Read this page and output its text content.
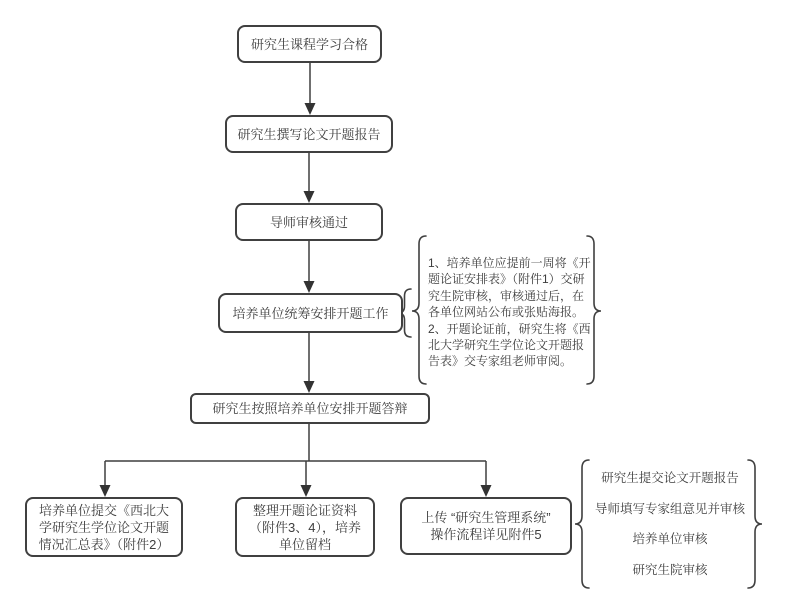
研究生课程学习合格
研究生撰写论文开题报告
导师审核通过
培养单位统筹安排开题工作
研究生按照培养单位安排开题答辩
培养单位提交《西北大
学研究生学位论文开题
情况汇总表》（附件2）
整理开题论证资料
（附件3、4），培养
单位留档
上传 “研究生管理系统”
操作流程详见附件5
1、培养单位应提前一周将《开
题论证安排表》（附件1）交研
究生院审核，审核通过后，在
各单位网站公布或张贴海报。
2、开题论证前，研究生将《西
北大学研究生学位论文开题报
告表》交专家组老师审阅。
研究生提交论文开题报告
导师填写专家组意见并审核
培养单位审核
研究生院审核
